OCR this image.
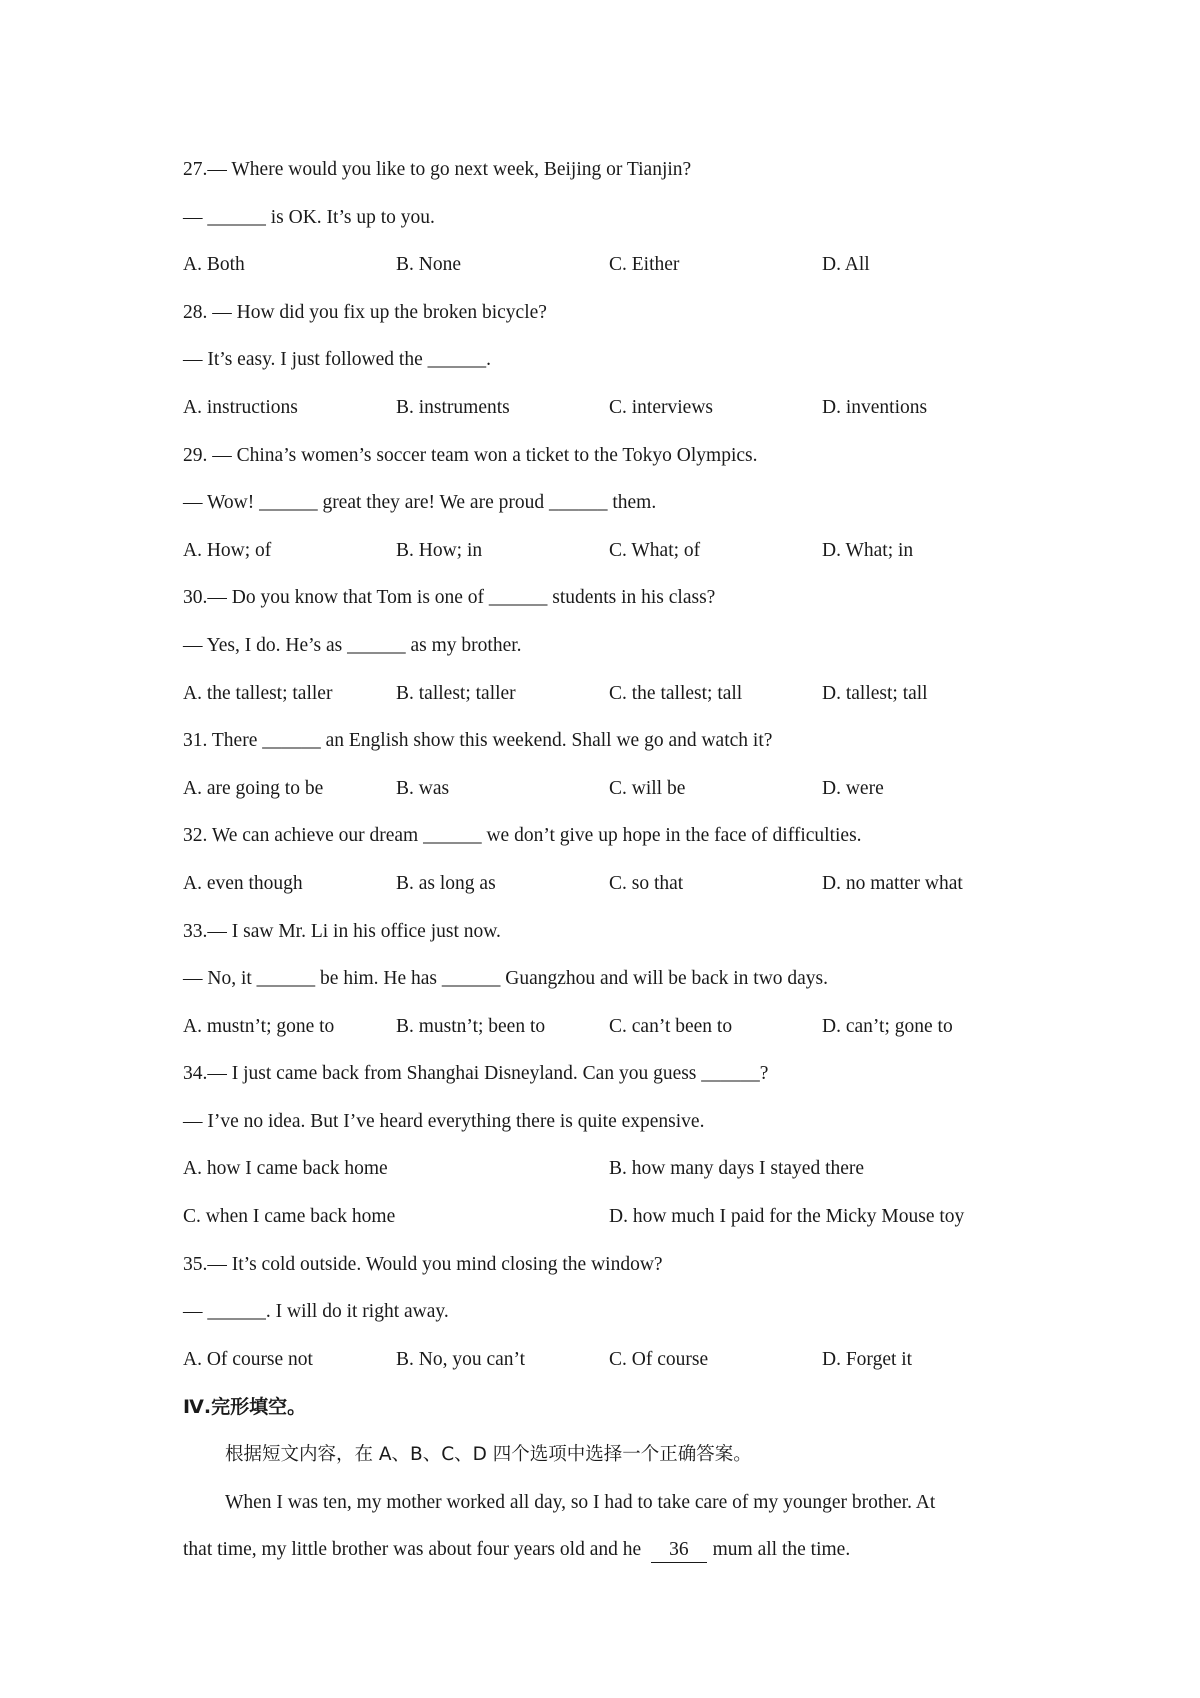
27.— Where would you like to go next week, Beijing or Tianjin?
— ______ is OK. It’s up to you.
A. Both	B. None	C. Either	D. All
28. — How did you fix up the broken bicycle?
— It’s easy. I just followed the ______.
A. instructions	B. instruments	C. interviews	D. inventions
29. — China’s women’s soccer team won a ticket to the Tokyo Olympics.
— Wow! ______ great they are! We are proud ______ them.
A. How; of	B. How; in	C. What; of	D. What; in
30.— Do you know that Tom is one of ______ students in his class?
— Yes, I do. He’s as ______ as my brother.
A. the tallest; taller	B. tallest; taller	C. the tallest; tall	D. tallest; tall
31. There ______ an English show this weekend. Shall we go and watch it?
A. are going to be	B. was	C. will be	D. were
32. We can achieve our dream ______ we don’t give up hope in the face of difficulties.
A. even though	B. as long as	C. so that	D. no matter what
33.— I saw Mr. Li in his office just now.
— No, it ______ be him. He has ______ Guangzhou and will be back in two days.
A. mustn’t; gone to	B. mustn’t; been to	C. can’t been to	D. can’t; gone to
34.— I just came back from Shanghai Disneyland. Can you guess ______?
— I’ve no idea. But I’ve heard everything there is quite expensive.
A. how I came back home	B. how many days I stayed there
C. when I came back home	D. how much I paid for the Micky Mouse toy
35.— It’s cold outside. Would you mind closing the window?
— ______. I will do it right away.
A. Of course not	B. No, you can’t	C. Of course	D. Forget it
Ⅳ.完形填空。
根据短文内容，在 A、B、C、D 四个选项中选择一个正确答案。
When I was ten, my mother worked all day, so I had to take care of my younger brother. At
that time, my little brother was about four years old and he 36 mum all the time.
